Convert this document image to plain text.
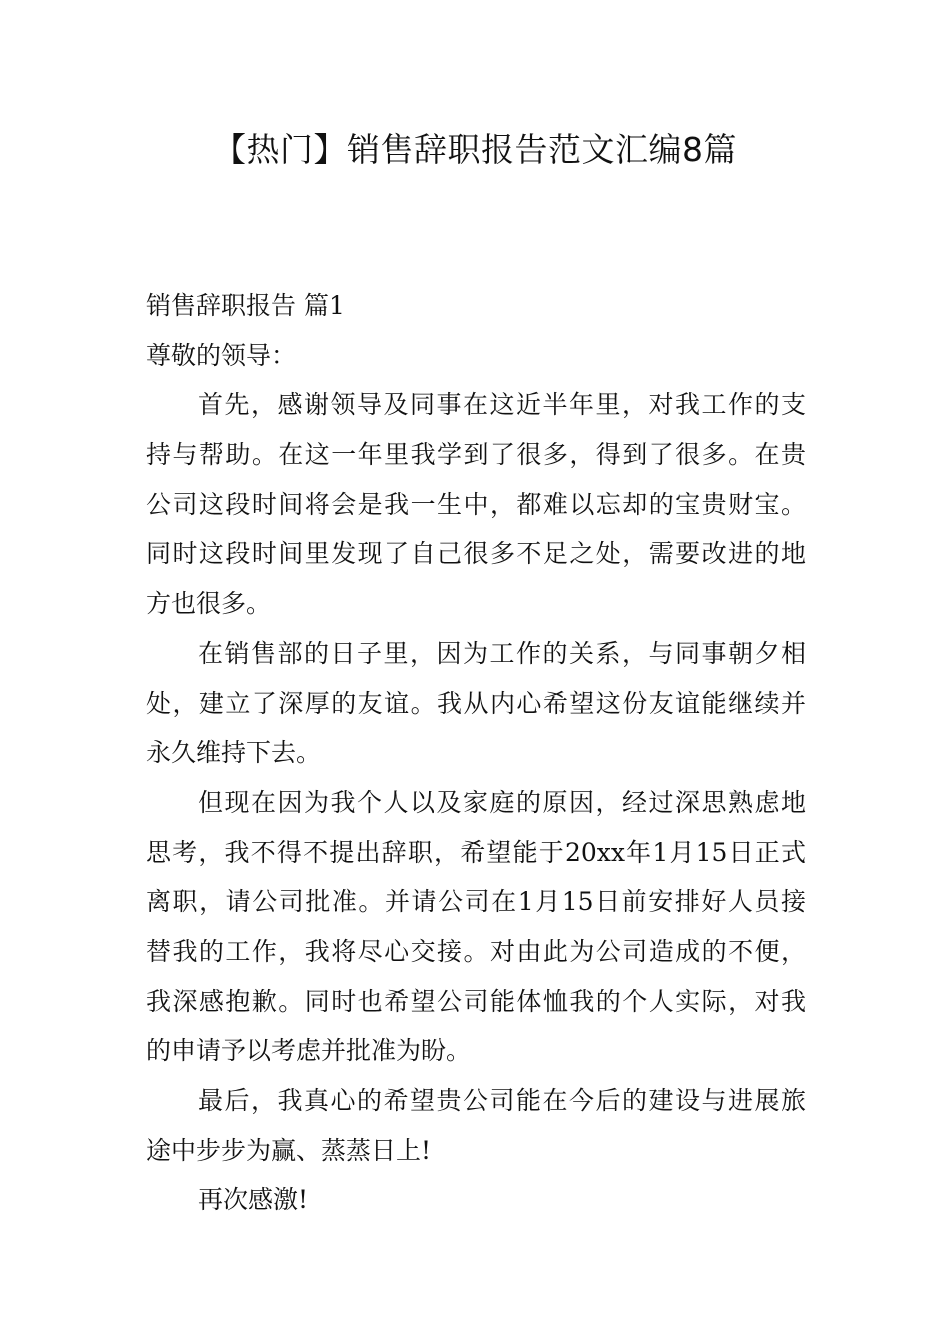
【热门】销售辞职报告范文汇编8篇

销售辞职报告 篇1

尊敬的领导：

首先，感谢领导及同事在这近半年里，对我工作的支

持与帮助。在这一年里我学到了很多，得到了很多。在贵

公司这段时间将会是我一生中，都难以忘却的宝贵财宝。

同时这段时间里发现了自己很多不足之处，需要改进的地

方也很多。

在销售部的日子里，因为工作的关系，与同事朝夕相

处，建立了深厚的友谊。我从内心希望这份友谊能继续并

永久维持下去。

但现在因为我个人以及家庭的原因，经过深思熟虑地

思考，我不得不提出辞职，希望能于20xx年1月15日正式

离职，请公司批准。并请公司在1月15日前安排好人员接

替我的工作，我将尽心交接。对由此为公司造成的不便，

我深感抱歉。同时也希望公司能体恤我的个人实际，对我

的申请予以考虑并批准为盼。

最后，我真心的希望贵公司能在今后的建设与进展旅

途中步步为赢、蒸蒸日上!

再次感激!
